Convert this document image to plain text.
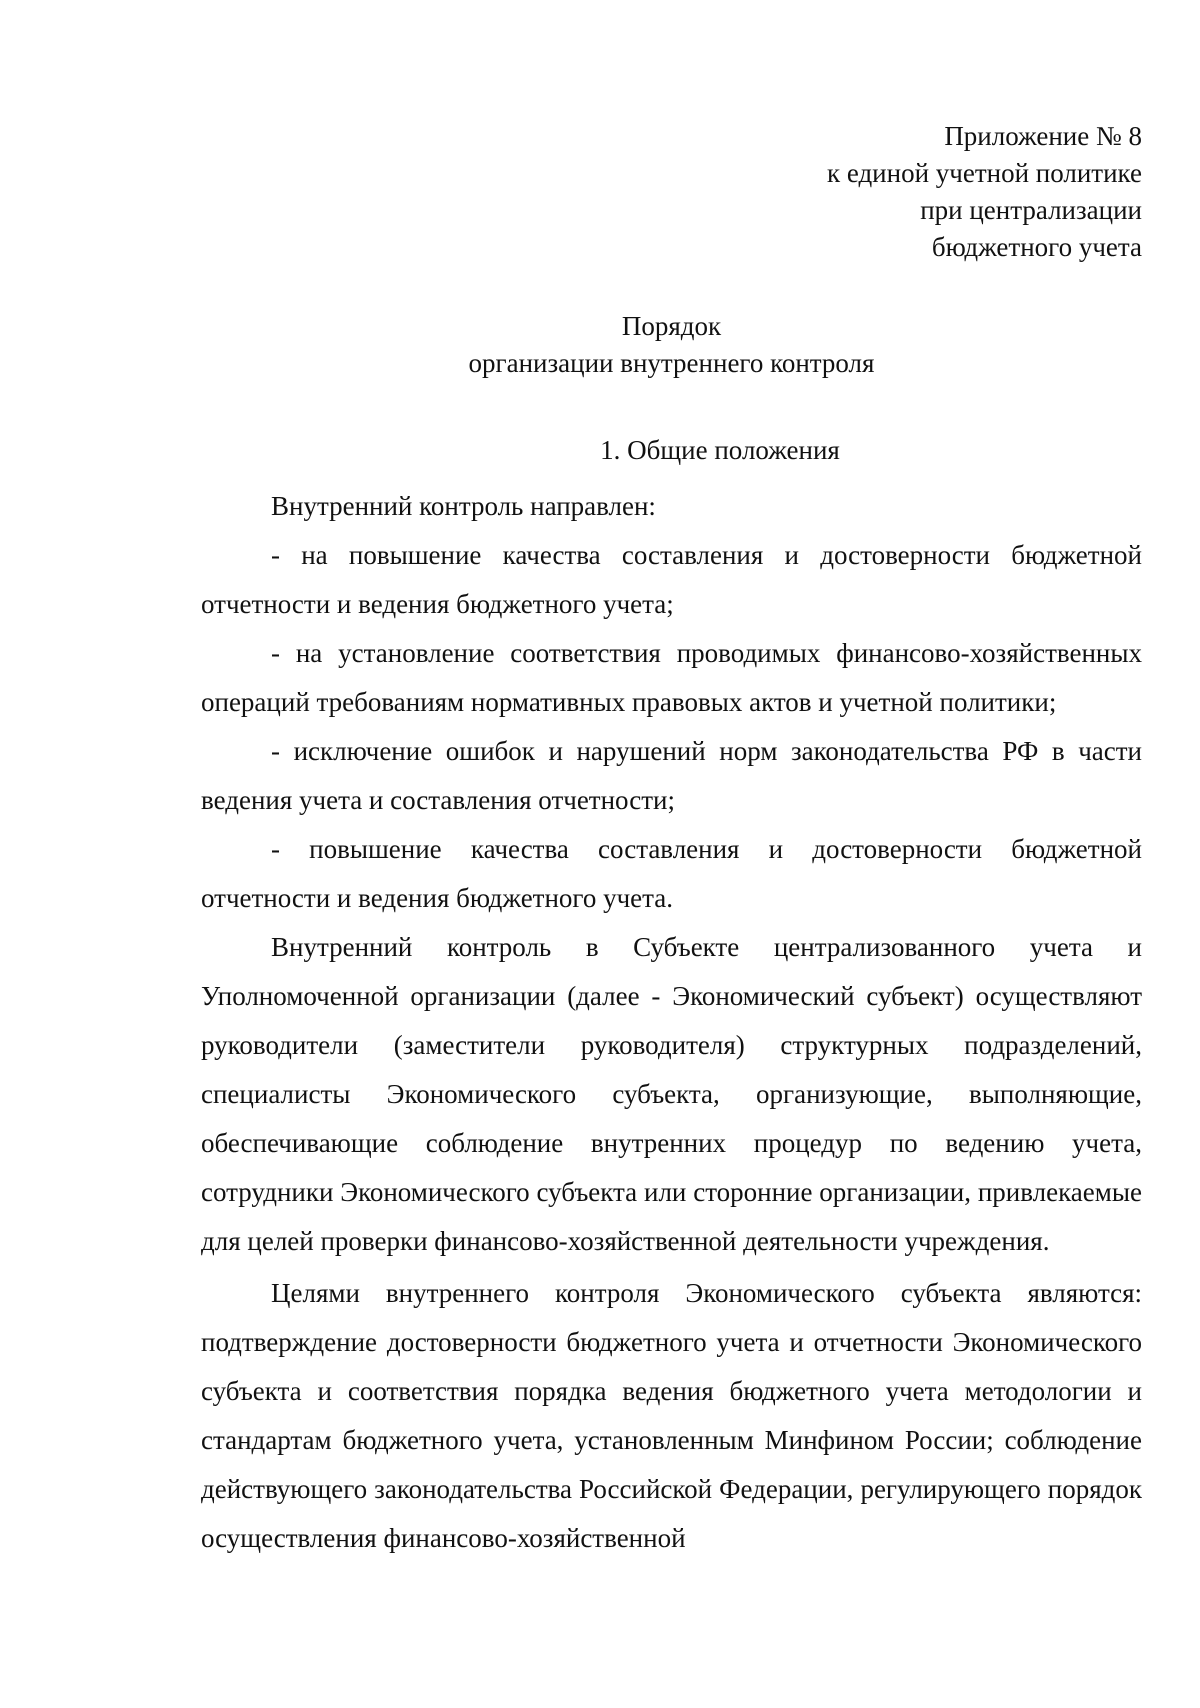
Приложение № 8
к единой учетной политике
при централизации
бюджетного учета
Порядок
организации внутреннего контроля
1. Общие положения

Внутренний контроль направлен:

- на повышение качества составления и достоверности бюджетной отчетности и ведения бюджетного учета;

- на установление соответствия проводимых финансово-хозяйственных операций требованиям нормативных правовых актов и учетной политики;

- исключение ошибок и нарушений норм законодательства РФ в части ведения учета и составления отчетности;

- повышение качества составления и достоверности бюджетной отчетности и ведения бюджетного учета.

Внутренний контроль в Субъекте централизованного учета и Уполномоченной организации (далее - Экономический субъект) осуществляют руководители (заместители руководителя) структурных подразделений, специалисты Экономического субъекта, организующие, выполняющие, обеспечивающие соблюдение внутренних процедур по ведению учета, сотрудники Экономического субъекта или сторонние организации, привлекаемые для целей проверки финансово-хозяйственной деятельности учреждения.

Целями внутреннего контроля Экономического субъекта являются: подтверждение достоверности бюджетного учета и отчетности Экономического субъекта и соответствия порядка ведения бюджетного учета методологии и стандартам бюджетного учета, установленным Минфином России; соблюдение действующего законодательства Российской Федерации, регулирующего порядок осуществления финансово-хозяйственной
